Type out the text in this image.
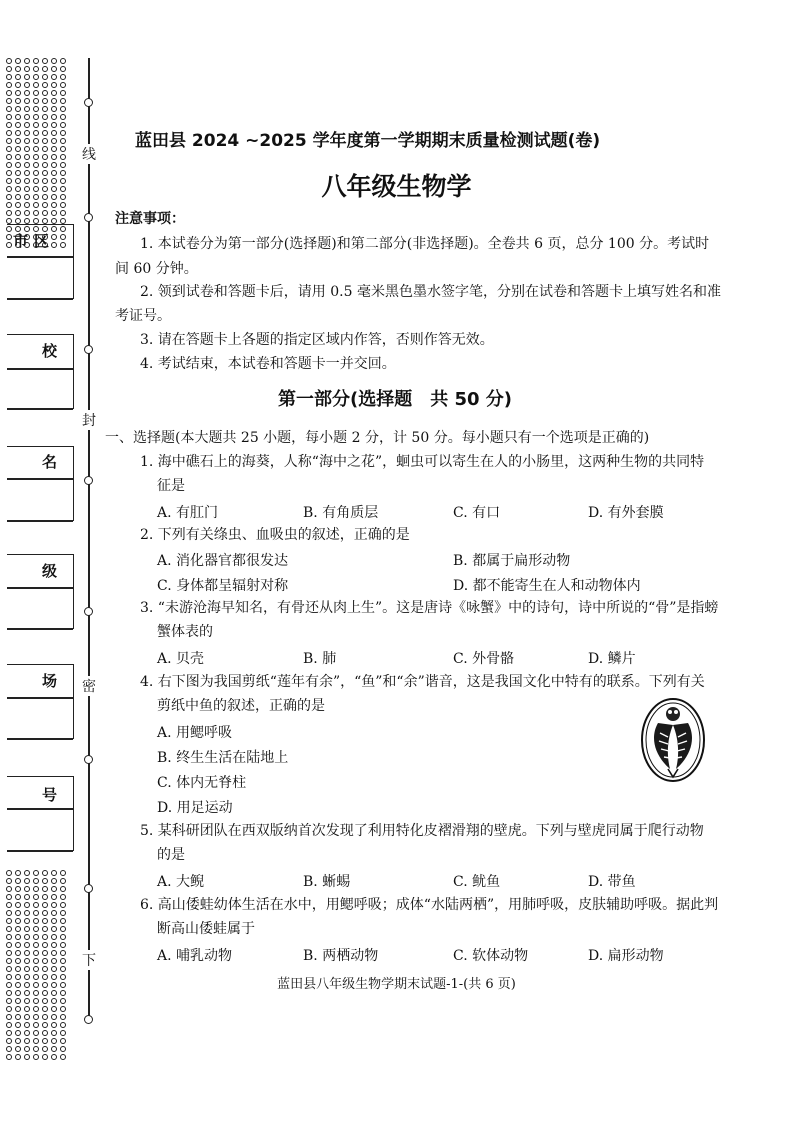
线
封
密
下
市区
校
名
级
场
号
蓝田县 2024 ~2025 学年度第一学期期末质量检测试题(卷)
八年级生物学
注意事项：
1. 本试卷分为第一部分(选择题)和第二部分(非选择题)。全卷共 6 页，总分 100 分。考试时
间 60 分钟。
2. 领到试卷和答题卡后，请用 0.5 毫米黑色墨水签字笔，分别在试卷和答题卡上填写姓名和准
考证号。
3. 请在答题卡上各题的指定区域内作答，否则作答无效。
4. 考试结束，本试卷和答题卡一并交回。
第一部分(选择题　共 50 分)
一、选择题(本大题共 25 小题，每小题 2 分，计 50 分。每小题只有一个选项是正确的)
1. 海中礁石上的海葵，人称“海中之花”，蛔虫可以寄生在人的小肠里，这两种生物的共同特
征是
A. 有肛门	B. 有角质层	C. 有口	D. 有外套膜
2. 下列有关绦虫、血吸虫的叙述，正确的是
A. 消化器官都很发达	B. 都属于扁形动物
C. 身体都呈辐射对称	D. 都不能寄生在人和动物体内
3. “未游沧海早知名，有骨还从肉上生”。这是唐诗《咏蟹》中的诗句，诗中所说的“骨”是指螃
蟹体表的
A. 贝壳	B. 肺	C. 外骨骼	D. 鳞片
4. 右下图为我国剪纸“莲年有余”，“鱼”和“余”谐音，这是我国文化中特有的联系。下列有关
剪纸中鱼的叙述，正确的是
A. 用鳃呼吸
B. 终生生活在陆地上
C. 体内无脊柱
D. 用足运动
5. 某科研团队在西双版纳首次发现了利用特化皮褶滑翔的壁虎。下列与壁虎同属于爬行动物
的是
A. 大鲵	B. 蜥蜴	C. 鱿鱼	D. 带鱼
6. 高山倭蛙幼体生活在水中，用鳃呼吸；成体“水陆两栖”，用肺呼吸，皮肤辅助呼吸。据此判
断高山倭蛙属于
A. 哺乳动物	B. 两栖动物	C. 软体动物	D. 扁形动物
蓝田县八年级生物学期末试题-1-(共 6 页)
